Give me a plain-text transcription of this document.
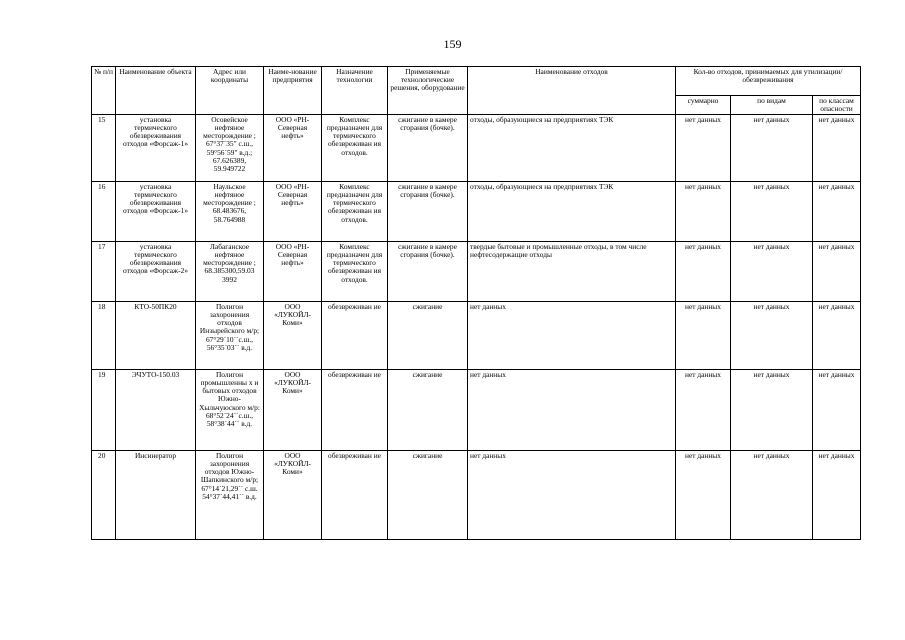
159
№ п/п	Наименование объекта	Адрес или координаты	Наиме-нование предприятия	Назначение технологии	Применяемые технологические решения, оборудование	Наименование отходов	Кол-во отходов, принимаемых для утилизации/обезвреживания		
							суммарно	по видам	по классам опасности
15	установка термического обезвреживания отходов «Форсаж-1»	Осовейское нефтяное месторождение ; 67°37´35" с.ш., 59°56´59" в.д.; 67.626389, 59.949722	ООО «РН-Северная нефть»	Комплекс предназначен для термического обезвреживан ия отходов.	сжигание в камере сгорания (бочке).	отходы, образующиеся на предприятиях ТЭК	нет данных	нет данных	нет данных
16	установка термического обезвреживания отходов «Форсаж-1»	Наульское нефтяное месторождение ; 68.483676, 58.764988	ООО «РН-Северная нефть»	Комплекс предназначен для термического обезвреживан ия отходов.	сжигание в камере сгорания (бочке).	отходы, образующиеся на предприятиях ТЭК	нет данных	нет данных	нет данных
17	установка термического обезвреживания отходов «Форсаж-2»	Лабаганское нефтяное месторождение ; 68.385300,59.03 3992	ООО «РН-Северная нефть»	Комплекс предназначен для термического обезвреживан ия отходов.	сжигание в камере сгорания (бочке).	твердые бытовые и промышленные отходы, в том числе нефтесодержащие отходы	нет данных	нет данных	нет данных
18	КТО-50ПК20	Полигон захоронения отходов Инзырейского м/р; 67°29´10´´с.ш., 56°35´03´´ в.д.	ООО «ЛУКОЙЛ-Коми»	обезвреживан ие	сжигание	нет данных	нет данных	нет данных	нет данных
19	ЭЧУТО-150.03	Полигон промышленны х и бытовых отходов Южно-Хыльчуюского м/р: 68°52´24´´с.ш., 58°38´44´´ в.д.	ООО «ЛУКОЙЛ-Коми»	обезвреживан ие	сжигание	нет данных	нет данных	нет данных	нет данных
20	Инсинератор	Полигон захоронения отходов Южно-Шапкинского м/р; 67°14´21,29´´ с.ш. 54°37´44,41´´ в.д.	ООО «ЛУКОЙЛ-Коми»	обезвреживан ие	сжигание	нет данных	нет данных	нет данных	нет данных
